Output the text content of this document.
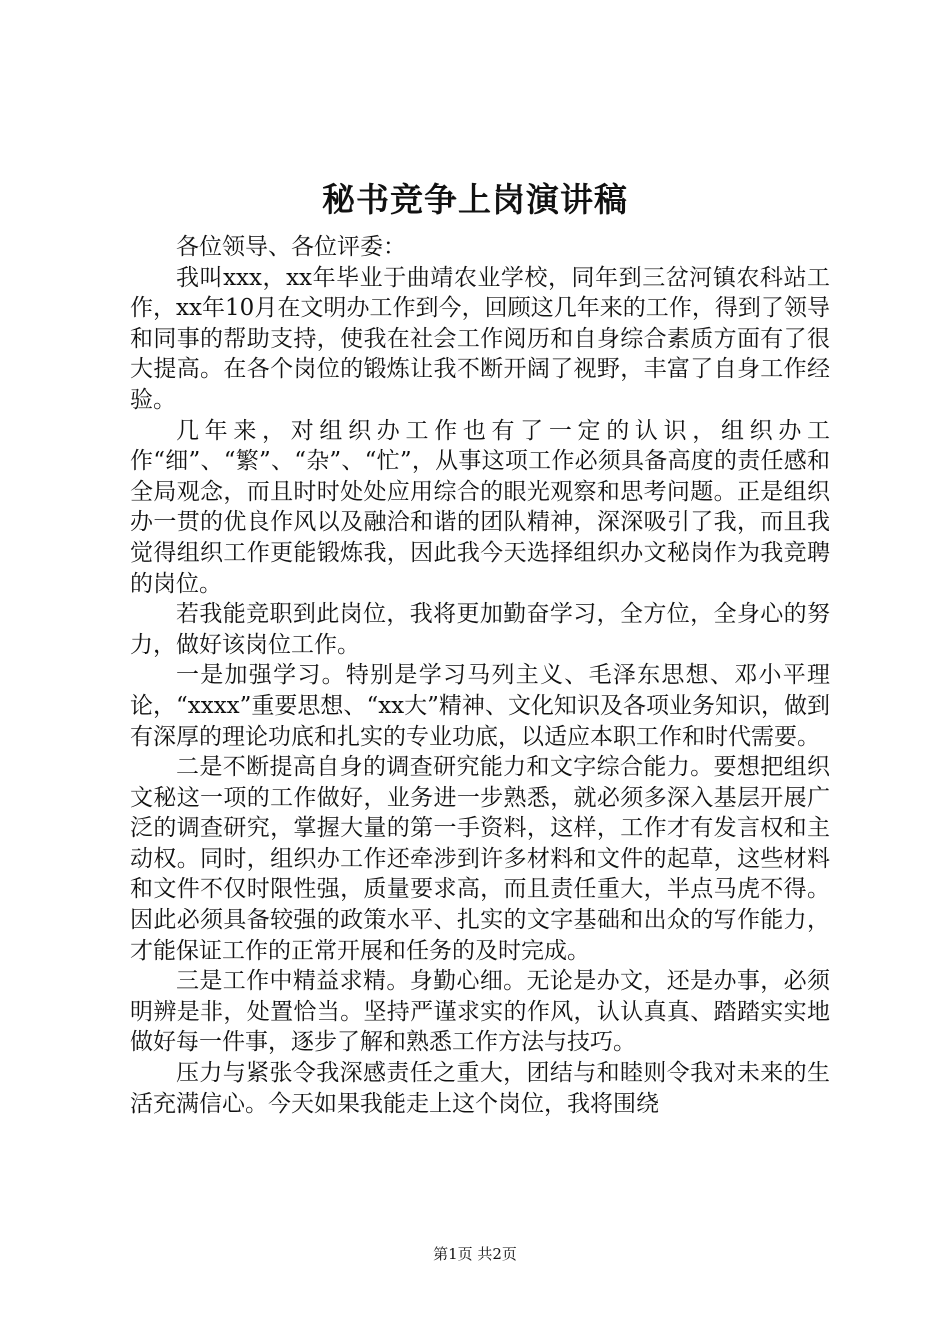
秘书竞争上岗演讲稿

各位领导、各位评委：

我叫xxx，xx年毕业于曲靖农业学校，同年到三岔河镇农科站工作，xx年10月在文明办工作到今，回顾这几年来的工作，得到了领导和同事的帮助支持，使我在社会工作阅历和自身综合素质方面有了很大提高。在各个岗位的锻炼让我不断开阔了视野，丰富了自身工作经验。

几年来，对组织办工作也有了一定的认识，组织办工作“细”、“繁”、“杂”、“忙”，从事这项工作必须具备高度的责任感和全局观念，而且时时处处应用综合的眼光观察和思考问题。正是组织办一贯的优良作风以及融洽和谐的团队精神，深深吸引了我，而且我觉得组织工作更能锻炼我，因此我今天选择组织办文秘岗作为我竞聘的岗位。

若我能竞职到此岗位，我将更加勤奋学习，全方位，全身心的努力，做好该岗位工作。

一是加强学习。特别是学习马列主义、毛泽东思想、邓小平理论，“xxxx”重要思想、“xx大”精神、文化知识及各项业务知识，做到有深厚的理论功底和扎实的专业功底，以适应本职工作和时代需要。

二是不断提高自身的调查研究能力和文字综合能力。要想把组织文秘这一项的工作做好，业务进一步熟悉，就必须多深入基层开展广泛的调查研究，掌握大量的第一手资料，这样，工作才有发言权和主动权。同时，组织办工作还牵涉到许多材料和文件的起草，这些材料和文件不仅时限性强，质量要求高，而且责任重大，半点马虎不得。因此必须具备较强的政策水平、扎实的文字基础和出众的写作能力，才能保证工作的正常开展和任务的及时完成。

三是工作中精益求精。身勤心细。无论是办文，还是办事，必须明辨是非，处置恰当。坚持严谨求实的作风，认认真真、踏踏实实地做好每一件事，逐步了解和熟悉工作方法与技巧。

压力与紧张令我深感责任之重大，团结与和睦则令我对未来的生活充满信心。今天如果我能走上这个岗位，我将围绕

第1页 共2页
